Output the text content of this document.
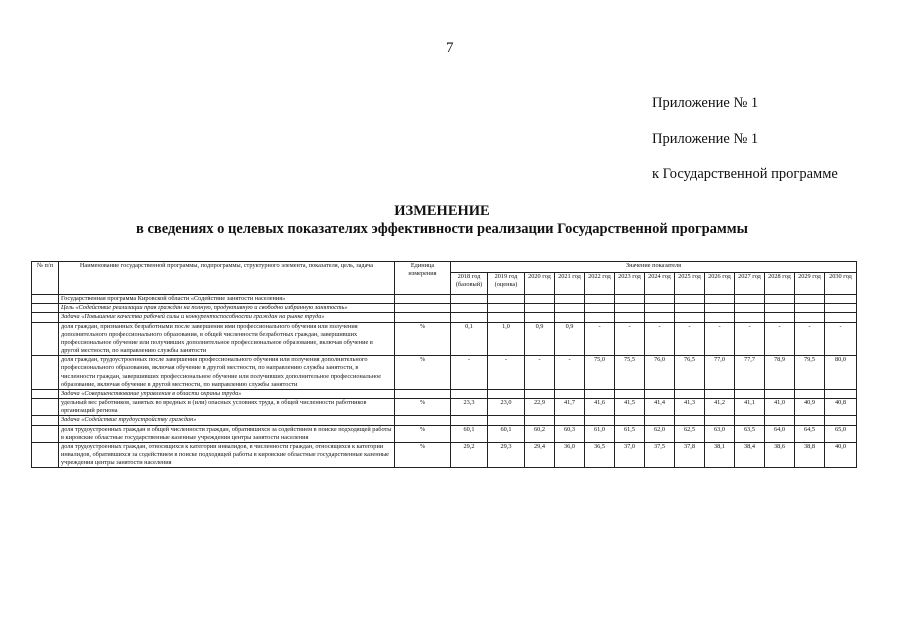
7
Приложение № 1
Приложение № 1
к Государственной программе
ИЗМЕНЕНИЕ
в сведениях о целевых показателях эффективности реализации Государственной программы
№ п/п	Наименование государственной программы, подпрограммы, структурного элемента, показателя, цель, задача	Единица измерения	Значение показателя												
			2018 год (базовый)	2019 год (оценка)	2020 год	2021 год	2022 год	2023 год	2024 год	2025 год	2026 год	2027 год	2028 год	2029 год	2030 год
	Государственная программа Кировской области «Содействие занятости населения»														
	Цель «Содействие реализации прав граждан на полную, продуктивную и свободно избранную занятость»														
	Задача «Повышение качества рабочей силы и конкурентоспособности граждан на рынке труда»														
	доля граждан, признанных безработными после завершения ими профессионального обучения или получения дополнительного профессионального образования, в общей численности безработных граждан, завершивших профессиональное обучение или получивших дополнительное профессиональное образование, включая обучение в другой местности, по направлению службы занятости	%	0,1	1,0	0,9	0,9	-	-	-	-	-	-	-	-	-
	доля граждан, трудоустроенных после завершения профессионального обучения или получения дополнительного профессионального образования, включая обучение в другой местности, по направлению службы занятости, в численности граждан, завершивших профессиональное обучение или получивших дополнительное профессиональное образование, включая обучение в другой местности, по направлению службы занятости	%	-	-	-	-	75,0	75,5	76,0	76,5	77,0	77,7	78,9	79,5	80,0
	Задача «Совершенствование управления в области охраны труда»														
	удельный вес работников, занятых во вредных и (или) опасных условиях труда, в общей численности работников организаций региона	%	23,3	23,0	22,9	41,7	41,6	41,5	41,4	41,3	41,2	41,1	41,0	40,9	40,8
	Задача «Содействие трудоустройству граждан»														
	доля трудоустроенных граждан в общей численности граждан, обратившихся за содействием в поиске подходящей работы в кировские областные государственные казенные учреждения центры занятости населения	%	60,1	60,1	60,2	60,3	61,0	61,5	62,0	62,5	63,0	63,5	64,0	64,5	65,0
	доля трудоустроенных граждан, относящихся к категории инвалидов, в численности граждан, относящихся к категории инвалидов, обратившихся за содействием в поиске подходящей работы в кировские областные государственные казенные учреждения центры занятости населения	%	29,2	29,3	29,4	36,0	36,5	37,0	37,5	37,8	38,1	38,4	38,6	38,8	40,0
